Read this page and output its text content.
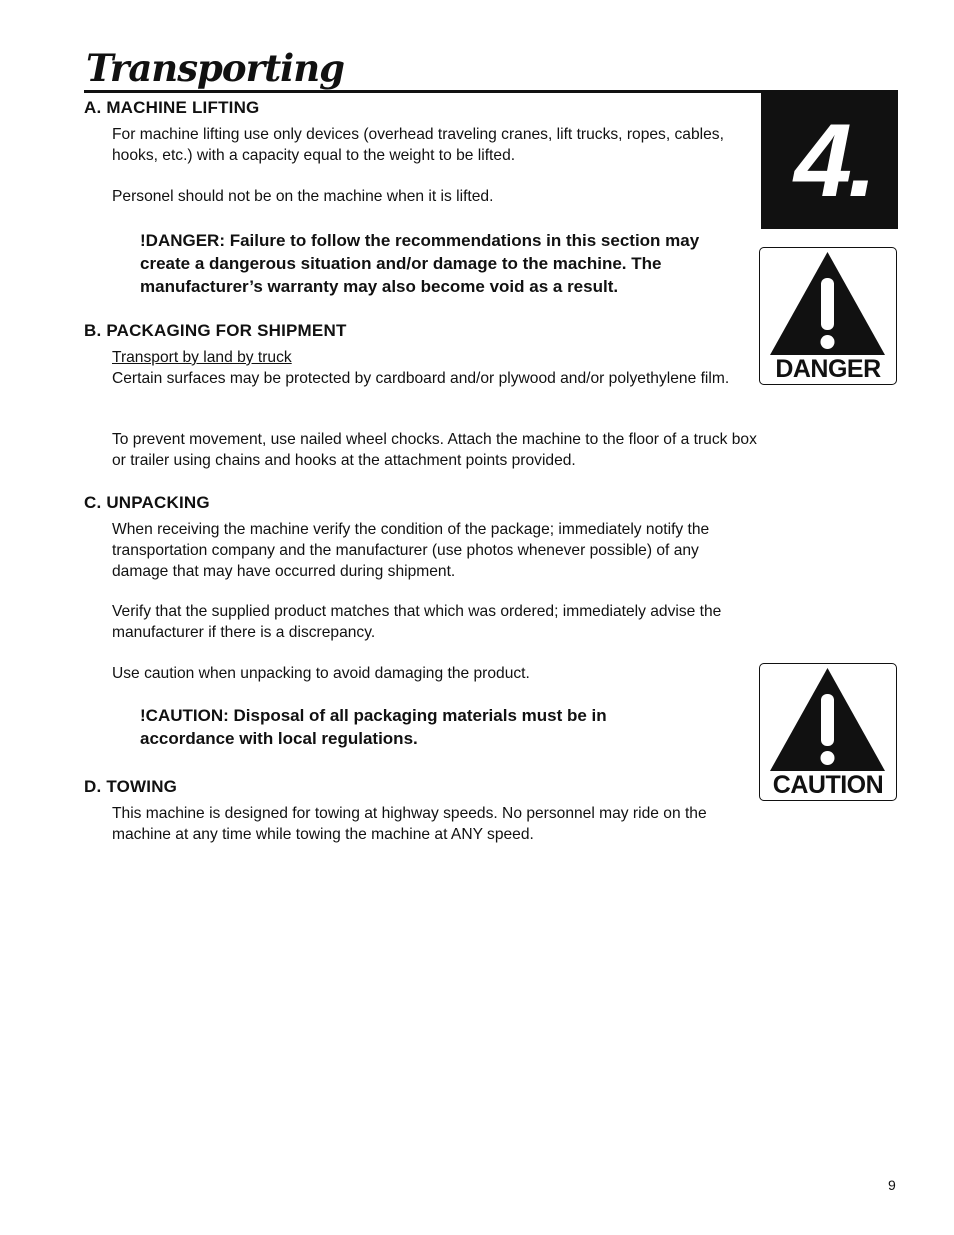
Transporting
4.
DANGER
CAUTION
A. MACHINE LIFTING

For machine lifting use only devices (overhead traveling cranes, lift trucks, ropes, cables, hooks, etc.) with a capacity equal to the weight to be lifted.

Personel should not be on the machine when it is lifted.

!DANGER: Failure to follow the recommendations in this section may create a dangerous situation and/or damage to the machine. The manufacturer’s warranty may also become void as a result.

B. PACKAGING FOR SHIPMENT
Transport by land by truck
Certain surfaces may be protected by cardboard and/or plywood and/or polyethylene film.

To prevent movement, use nailed wheel chocks. Attach the machine to the floor of a truck box or trailer using chains and hooks at the attachment points provided.

C. UNPACKING

When receiving the machine verify the condition of the package; immediately notify the transportation company and the manufacturer (use photos whenever possible) of any damage that may have occurred during shipment.

Verify that the supplied product matches that which was ordered; immediately advise the manufacturer if there is a discrepancy.

Use caution when unpacking to avoid damaging the product.

!CAUTION: Disposal of all packaging materials must be in accordance with local regulations.

D. TOWING

This machine is designed for towing at highway speeds. No personnel may ride on the machine at any time while towing the machine at ANY speed.

9
